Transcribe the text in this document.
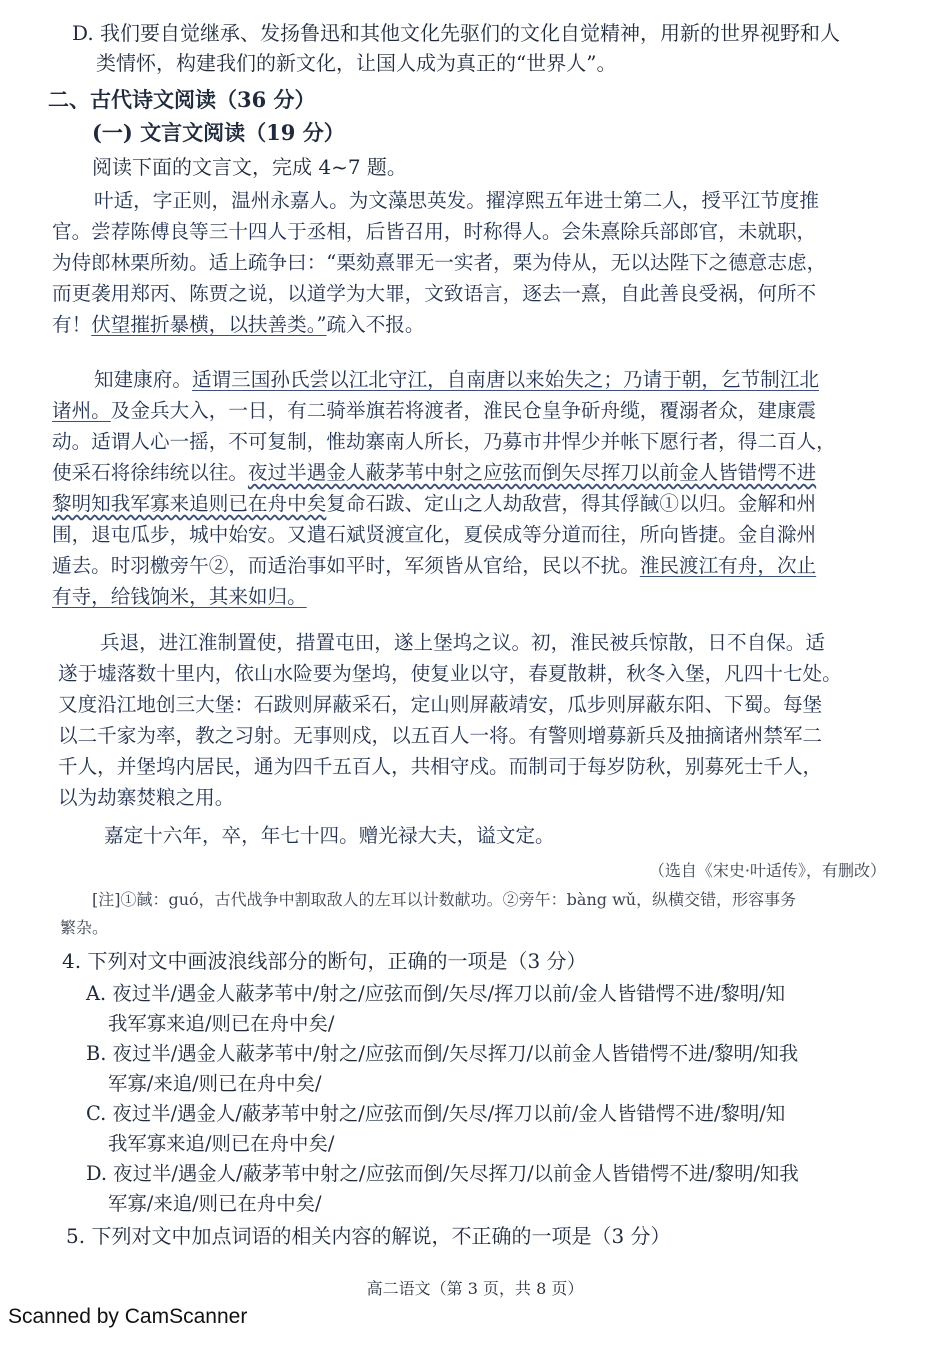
D. 我们要自觉继承、发扬鲁迅和其他文化先驱们的文化自觉精神，用新的世界视野和人
类情怀，构建我们的新文化，让国人成为真正的“世界人”。
二、古代诗文阅读（36 分）
(一) 文言文阅读（19 分）
阅读下面的文言文，完成 4~7 题。
叶适，字正则，温州永嘉人。为文藻思英发。擢淳熙五年进士第二人，授平江节度推
官。尝荐陈傅良等三十四人于丞相，后皆召用，时称得人。会朱熹除兵部郎官，未就职，
为侍郎林栗所劾。适上疏争曰：“栗劾熹罪无一实者，栗为侍从，无以达陛下之德意志虑，
而更袭用郑丙、陈贾之说，以道学为大罪，文致语言，逐去一熹，自此善良受祸，何所不
有！伏望摧折暴横，以扶善类。”疏入不报。
知建康府。适谓三国孙氏尝以江北守江，自南唐以来始失之；乃请于朝，乞节制江北
诸州。及金兵大入，一日，有二骑举旗若将渡者，淮民仓皇争斫舟缆，覆溺者众，建康震
动。适谓人心一摇，不可复制，惟劫寨南人所长，乃募市井悍少并帐下愿行者，得二百人，
使采石将徐纬统以往。夜过半遇金人蔽茅苇中射之应弦而倒矢尽挥刀以前金人皆错愕不进
黎明知我军寡来追则已在舟中矣复命石跋、定山之人劫敌营，得其俘馘①以归。金解和州
围，退屯瓜步，城中始安。又遣石斌贤渡宣化，夏侯成等分道而往，所向皆捷。金自滁州
遁去。时羽檄旁午②，而适治事如平时，军须皆从官给，民以不扰。淮民渡江有舟，次止
有寺，给钱饷米，其来如归。
兵退，进江淮制置使，措置屯田，遂上堡坞之议。初，淮民被兵惊散，日不自保。适
遂于墟落数十里内，依山水险要为堡坞，使复业以守，春夏散耕，秋冬入堡，凡四十七处。
又度沿江地创三大堡：石跋则屏蔽采石，定山则屏蔽靖安，瓜步则屏蔽东阳、下蜀。每堡
以二千家为率，教之习射。无事则戍，以五百人一将。有警则增募新兵及抽摘诸州禁军二
千人，并堡坞内居民，通为四千五百人，共相守戍。而制司于每岁防秋，别募死士千人，
以为劫寨焚粮之用。
嘉定十六年，卒，年七十四。赠光禄大夫，谥文定。
（选自《宋史·叶适传》，有删改）
[注]①馘：guó，古代战争中割取敌人的左耳以计数献功。②旁午：bàng wǔ，纵横交错，形容事务
繁杂。
4. 下列对文中画波浪线部分的断句，正确的一项是（3 分）
A. 夜过半/遇金人蔽茅苇中/射之/应弦而倒/矢尽/挥刀以前/金人皆错愕不进/黎明/知
我军寡来追/则已在舟中矣/
B. 夜过半/遇金人蔽茅苇中/射之/应弦而倒/矢尽挥刀/以前金人皆错愕不进/黎明/知我
军寡/来追/则已在舟中矣/
C. 夜过半/遇金人/蔽茅苇中射之/应弦而倒/矢尽/挥刀以前/金人皆错愕不进/黎明/知
我军寡来追/则已在舟中矣/
D. 夜过半/遇金人/蔽茅苇中射之/应弦而倒/矢尽挥刀/以前金人皆错愕不进/黎明/知我
军寡/来追/则已在舟中矣/
5. 下列对文中加点词语的相关内容的解说，不正确的一项是（3 分）
高二语文（第 3 页，共 8 页）
Scanned by CamScanner
